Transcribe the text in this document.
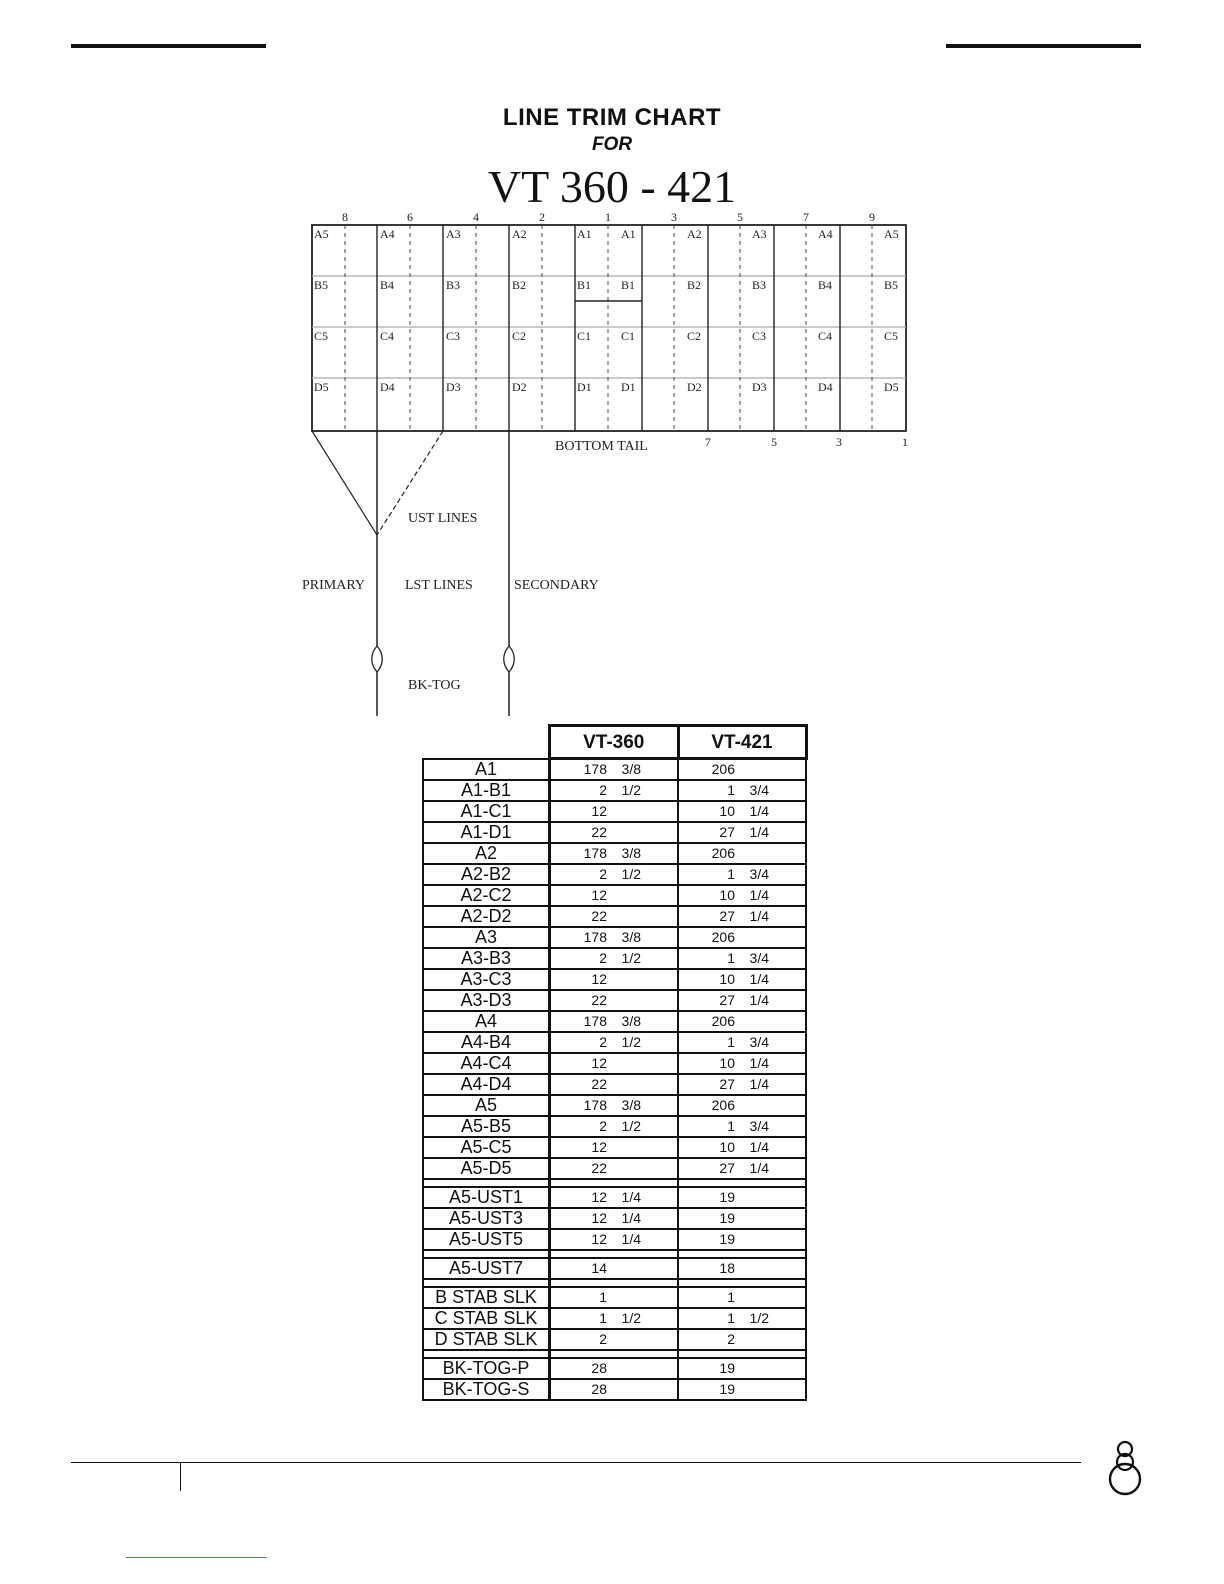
LINE TRIM CHART
FOR
VT 360 - 421
8	6	4	2	1	3	5	7	9
A5	A4	A3	A2	A1 A1	A2	A3	A4	A5
B5	B4	B3	B2	B1 B1	B2	B3	B4	B5
C5	C4	C3	C2	C1 C1	C2	C3	C4	C5
D5	D4	D3	D2	D1 D1	D2	D3	D4	D5
BOTTOM TAIL	7	5	3	1
UST LINES
PRIMARY	LST LINES	SECONDARY
BK-TOG
	VT-360	VT-421
A1	178 3/8	206
A1-B1	2 1/2	1 3/4
A1-C1	12	10 1/4
A1-D1	22	27 1/4
A2	178 3/8	206
A2-B2	2 1/2	1 3/4
A2-C2	12	10 1/4
A2-D2	22	27 1/4
A3	178 3/8	206
A3-B3	2 1/2	1 3/4
A3-C3	12	10 1/4
A3-D3	22	27 1/4
A4	178 3/8	206
A4-B4	2 1/2	1 3/4
A4-C4	12	10 1/4
A4-D4	22	27 1/4
A5	178 3/8	206
A5-B5	2 1/2	1 3/4
A5-C5	12	10 1/4
A5-D5	22	27 1/4

A5-UST1	12 1/4	19
A5-UST3	12 1/4	19
A5-UST5	12 1/4	19

A5-UST7	14	18

B STAB SLK	1	1
C STAB SLK	1 1/2	1 1/2
D STAB SLK	2	2

BK-TOG-P	28	19
BK-TOG-S	28	19
